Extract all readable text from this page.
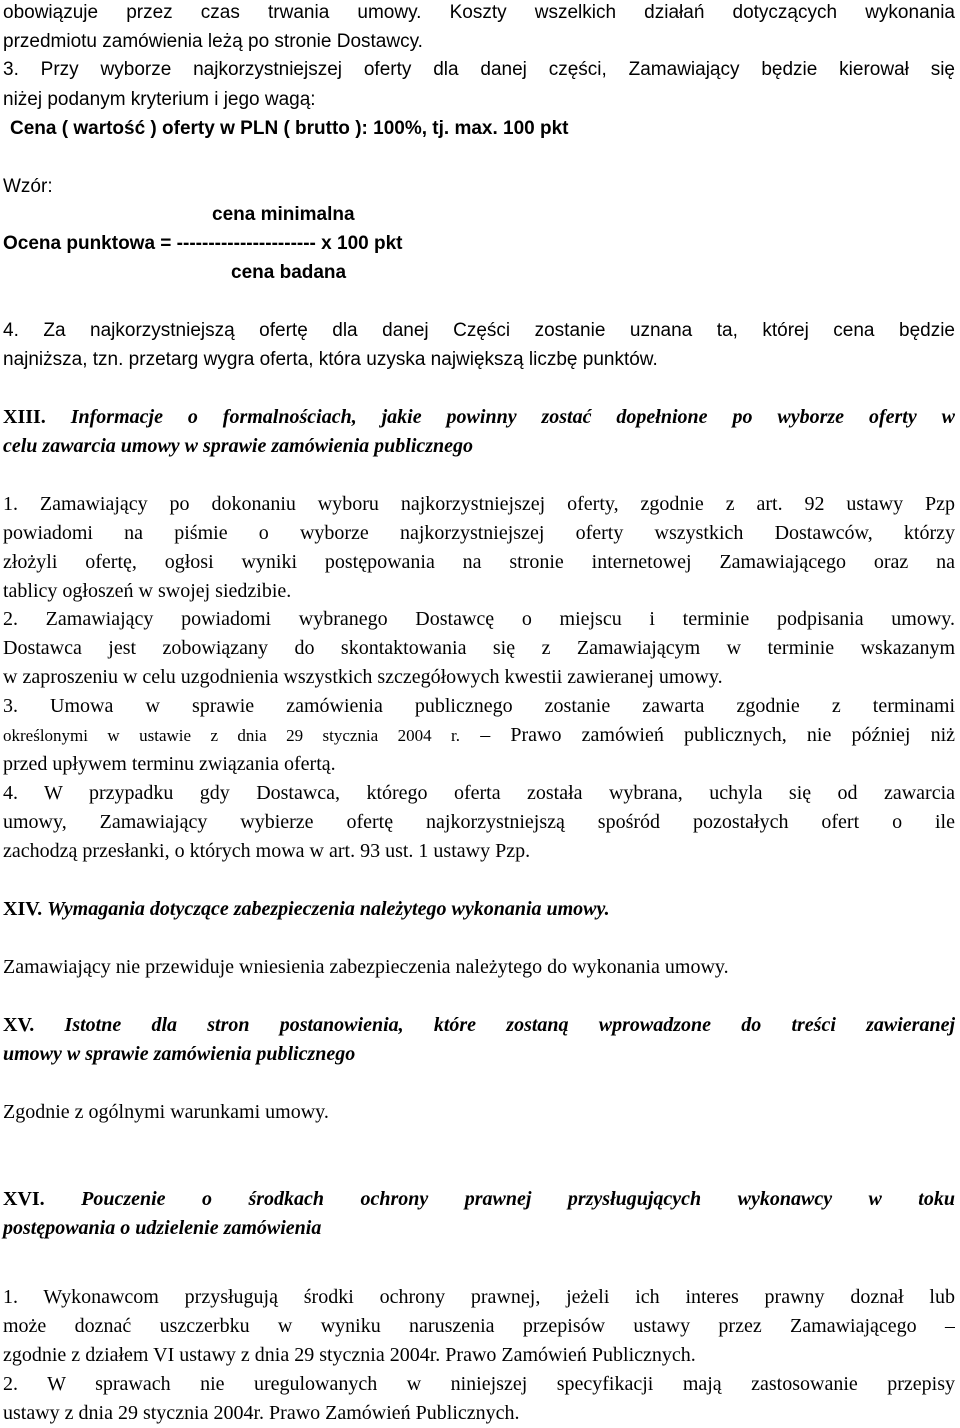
obowiązuje przez czas trwania umowy. Koszty wszelkich działań dotyczących wykonania
przedmiotu zamówienia leżą po stronie Dostawcy.
3. Przy wyborze najkorzystniejszej oferty dla danej części, Zamawiający będzie kierował się
niżej podanym kryterium i jego wagą:
Cena ( wartość ) oferty w PLN ( brutto ): 100%, tj. max. 100 pkt
Wzór:
cena minimalna
Ocena punktowa = ---------------------- x 100 pkt
cena badana
4. Za najkorzystniejszą ofertę dla danej Części zostanie uznana ta, której cena będzie
najniższa, tzn. przetarg wygra oferta, która uzyska największą liczbę punktów.
XIII. Informacje o formalnościach, jakie powinny zostać dopełnione po wyborze oferty w
celu zawarcia umowy w sprawie zamówienia publicznego
1. Zamawiający po dokonaniu wyboru najkorzystniejszej oferty, zgodnie z art. 92 ustawy Pzp
powiadomi na piśmie o wyborze najkorzystniejszej oferty wszystkich Dostawców, którzy
złożyli ofertę, ogłosi wyniki postępowania na stronie internetowej Zamawiającego oraz na
tablicy ogłoszeń w swojej siedzibie.
2. Zamawiający powiadomi wybranego Dostawcę o miejscu i terminie podpisania umowy.
Dostawca jest zobowiązany do skontaktowania się z Zamawiającym w terminie wskazanym
w zaproszeniu w celu uzgodnienia wszystkich szczegółowych kwestii zawieranej umowy.
3. Umowa w sprawie zamówienia publicznego zostanie zawarta zgodnie z terminami
określonymi w ustawie z dnia 29 stycznia 2004 r. – Prawo zamówień publicznych, nie później niż
przed upływem terminu związania ofertą.
4. W przypadku gdy Dostawca, którego oferta została wybrana, uchyla się od zawarcia
umowy, Zamawiający wybierze ofertę najkorzystniejszą spośród pozostałych ofert o ile
zachodzą przesłanki, o których mowa w art. 93 ust. 1 ustawy Pzp.
XIV. Wymagania dotyczące zabezpieczenia należytego wykonania umowy.
Zamawiający nie przewiduje wniesienia zabezpieczenia należytego do wykonania umowy.
XV. Istotne dla stron postanowienia, które zostaną wprowadzone do treści zawieranej
umowy w sprawie zamówienia publicznego
Zgodnie z ogólnymi warunkami umowy.
XVI. Pouczenie o środkach ochrony prawnej przysługujących wykonawcy w toku
postępowania o udzielenie zamówienia
1. Wykonawcom przysługują środki ochrony prawnej, jeżeli ich interes prawny doznał lub
może doznać uszczerbku w wyniku naruszenia przepisów ustawy przez Zamawiającego –
zgodnie z działem VI ustawy z dnia 29 stycznia 2004r. Prawo Zamówień Publicznych.
2. W sprawach nie uregulowanych w niniejszej specyfikacji mają zastosowanie przepisy
ustawy z dnia 29 stycznia 2004r. Prawo Zamówień Publicznych.
